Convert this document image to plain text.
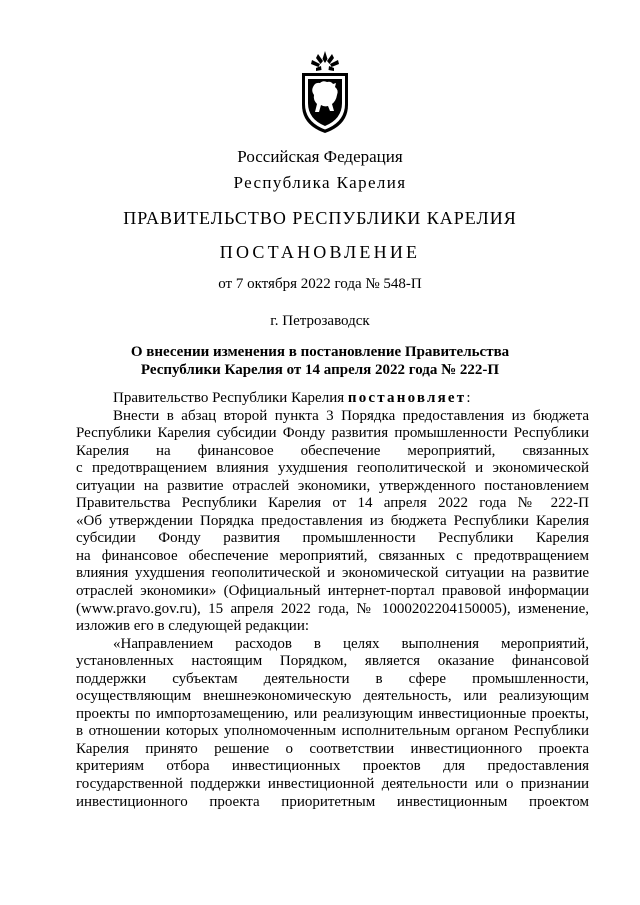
Российская Федерация
Республика Карелия
ПРАВИТЕЛЬСТВО РЕСПУБЛИКИ КАРЕЛИЯ
ПОСТАНОВЛЕНИЕ
от 7 октября 2022 года № 548-П
г. Петрозаводск
О внесении изменения в постановление Правительства
Республики Карелия от 14 апреля 2022 года № 222-П
Правительство Республики Карелия постановляет:
Внести в абзац второй пункта 3 Порядка предоставления из бюджета
Республики Карелия субсидии Фонду развития промышленности Республики
Карелия на финансовое обеспечение мероприятий, связанных
с предотвращением влияния ухудшения геополитической и экономической
ситуации на развитие отраслей экономики, утвержденного постановлением
Правительства Республики Карелия от 14 апреля 2022 года № 222-П
«Об утверждении Порядка предоставления из бюджета Республики Карелия
субсидии Фонду развития промышленности Республики Карелия
на финансовое обеспечение мероприятий, связанных с предотвращением
влияния ухудшения геополитической и экономической ситуации на развитие
отраслей экономики» (Официальный интернет-портал правовой информации
(www.pravo.gov.ru), 15 апреля 2022 года, № 1000202204150005), изменение,
изложив его в следующей редакции:
«Направлением расходов в целях выполнения мероприятий,
установленных настоящим Порядком, является оказание финансовой
поддержки субъектам деятельности в сфере промышленности,
осуществляющим внешнеэкономическую деятельность, или реализующим
проекты по импортозамещению, или реализующим инвестиционные проекты,
в отношении которых уполномоченным исполнительным органом Республики
Карелия принято решение о соответствии инвестиционного проекта
критериям отбора инвестиционных проектов для предоставления
государственной поддержки инвестиционной деятельности или о признании
инвестиционного проекта приоритетным инвестиционным проектом
